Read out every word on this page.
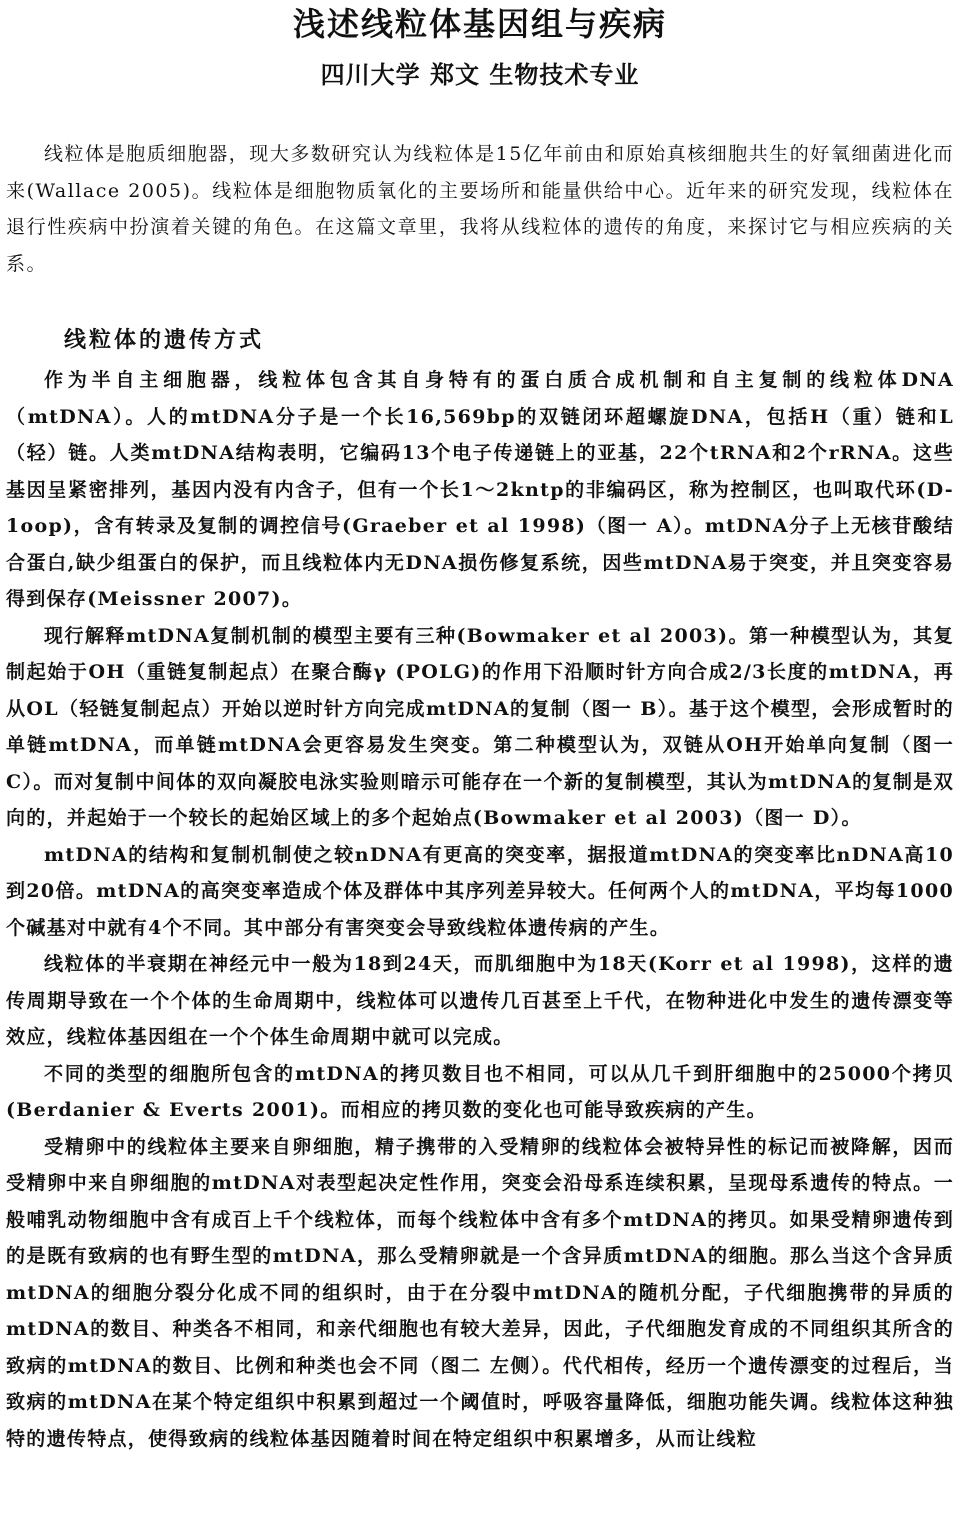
浅述线粒体基因组与疾病
四川大学 郑文 生物技术专业

线粒体是胞质细胞器，现大多数研究认为线粒体是15亿年前由和原始真核细胞共生的好氧细菌进化而来(Wallace 2005)。线粒体是细胞物质氧化的主要场所和能量供给中心。近年来的研究发现，线粒体在退行性疾病中扮演着关键的角色。在这篇文章里，我将从线粒体的遗传的角度，来探讨它与相应疾病的关系。

线粒体的遗传方式

作为半自主细胞器，线粒体包含其自身特有的蛋白质合成机制和自主复制的线粒体DNA（mtDNA）。人的mtDNA分子是一个长16,569bp的双链闭环超螺旋DNA，包括H（重）链和L（轻）链。人类mtDNA结构表明，它编码13个电子传递链上的亚基，22个tRNA和2个rRNA。这些基因呈紧密排列，基因内没有内含子，但有一个长1～2kntp的非编码区，称为控制区，也叫取代环(D-1oop)，含有转录及复制的调控信号(Graeber et al 1998)（图一 A）。mtDNA分子上无核苷酸结合蛋白,缺少组蛋白的保护，而且线粒体内无DNA损伤修复系统，因些mtDNA易于突变，并且突变容易得到保存(Meissner 2007)。

现行解释mtDNA复制机制的模型主要有三种(Bowmaker et al 2003)。第一种模型认为，其复制起始于OH（重链复制起点）在聚合酶γ (POLG)的作用下沿顺时针方向合成2/3长度的mtDNA，再从OL（轻链复制起点）开始以逆时针方向完成mtDNA的复制（图一 B）。基于这个模型，会形成暂时的单链mtDNA，而单链mtDNA会更容易发生突变。第二种模型认为，双链从OH开始单向复制（图一 C）。而对复制中间体的双向凝胶电泳实验则暗示可能存在一个新的复制模型，其认为mtDNA的复制是双向的，并起始于一个较长的起始区域上的多个起始点(Bowmaker et al 2003)（图一 D）。

mtDNA的结构和复制机制使之较nDNA有更高的突变率，据报道mtDNA的突变率比nDNA高10到20倍。mtDNA的高突变率造成个体及群体中其序列差异较大。任何两个人的mtDNA，平均每1000个碱基对中就有4个不同。其中部分有害突变会导致线粒体遗传病的产生。

线粒体的半衰期在神经元中一般为18到24天，而肌细胞中为18天(Korr et al 1998)，这样的遗传周期导致在一个个体的生命周期中，线粒体可以遗传几百甚至上千代，在物种进化中发生的遗传漂变等效应，线粒体基因组在一个个体生命周期中就可以完成。

不同的类型的细胞所包含的mtDNA的拷贝数目也不相同，可以从几千到肝细胞中的25000个拷贝(Berdanier & Everts 2001)。而相应的拷贝数的变化也可能导致疾病的产生。

受精卵中的线粒体主要来自卵细胞，精子携带的入受精卵的线粒体会被特异性的标记而被降解，因而受精卵中来自卵细胞的mtDNA对表型起决定性作用，突变会沿母系连续积累，呈现母系遗传的特点。一般哺乳动物细胞中含有成百上千个线粒体，而每个线粒体中含有多个mtDNA的拷贝。如果受精卵遗传到的是既有致病的也有野生型的mtDNA，那么受精卵就是一个含异质mtDNA的细胞。那么当这个含异质mtDNA的细胞分裂分化成不同的组织时，由于在分裂中mtDNA的随机分配，子代细胞携带的异质的mtDNA的数目、种类各不相同，和亲代细胞也有较大差异，因此，子代细胞发育成的不同组织其所含的致病的mtDNA的数目、比例和种类也会不同（图二 左侧）。代代相传，经历一个遗传漂变的过程后，当致病的mtDNA在某个特定组织中积累到超过一个阈值时，呼吸容量降低，细胞功能失调。线粒体这种独特的遗传特点，使得致病的线粒体基因随着时间在特定组织中积累增多，从而让线粒
